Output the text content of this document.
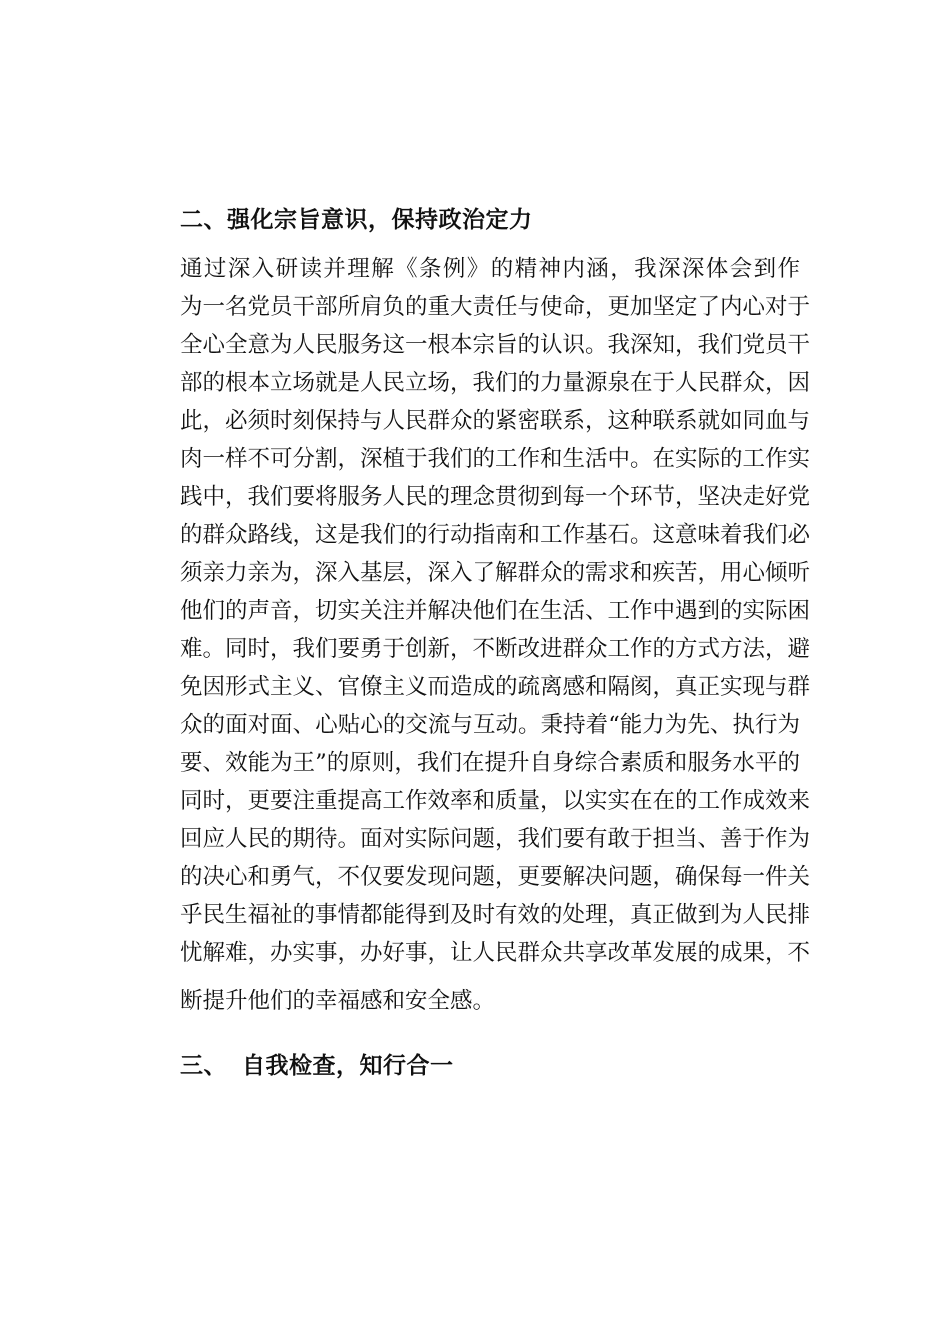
二、强化宗旨意识，保持政治定力
通过深入研读并理解《条例》的精神内涵，我深深体会到作
为一名党员干部所肩负的重大责任与使命，更加坚定了内心对于
全心全意为人民服务这一根本宗旨的认识。我深知，我们党员干
部的根本立场就是人民立场，我们的力量源泉在于人民群众，因
此，必须时刻保持与人民群众的紧密联系，这种联系就如同血与
肉一样不可分割，深植于我们的工作和生活中。在实际的工作实
践中，我们要将服务人民的理念贯彻到每一个环节，坚决走好党
的群众路线，这是我们的行动指南和工作基石。这意味着我们必
须亲力亲为，深入基层，深入了解群众的需求和疾苦，用心倾听
他们的声音，切实关注并解决他们在生活、工作中遇到的实际困
难。同时，我们要勇于创新，不断改进群众工作的方式方法，避
免因形式主义、官僚主义而造成的疏离感和隔阂，真正实现与群
众的面对面、心贴心的交流与互动。秉持着“能力为先、执行为
要、效能为王”的原则，我们在提升自身综合素质和服务水平的
同时，更要注重提高工作效率和质量，以实实在在的工作成效来
回应人民的期待。面对实际问题，我们要有敢于担当、善于作为
的决心和勇气，不仅要发现问题，更要解决问题，确保每一件关
乎民生福祉的事情都能得到及时有效的处理，真正做到为人民排
忧解难，办实事，办好事，让人民群众共享改革发展的成果，不
断提升他们的幸福感和安全感。
三、 自我检查，知行合一
